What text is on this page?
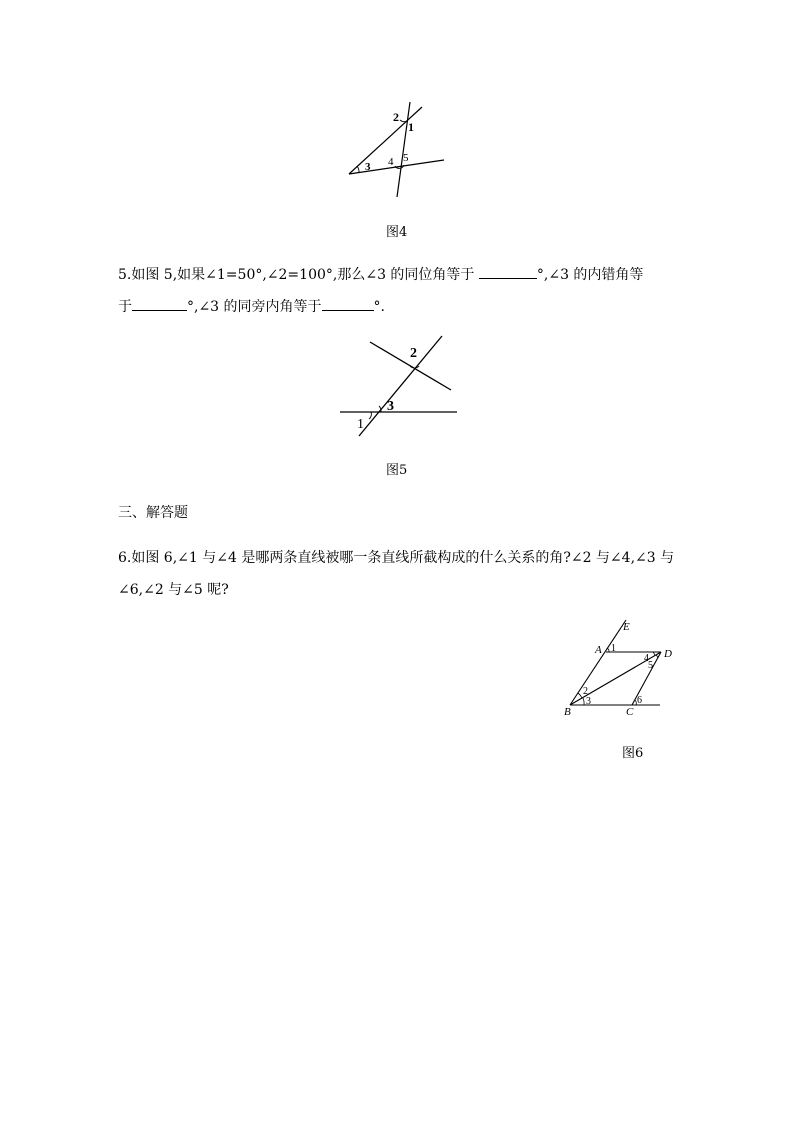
2
1
3 4 5
图4
5.如图 5,如果∠1=50°,∠2=100°,那么∠3 的同位角等于	°,∠3 的内错角等
于	°,∠3 的同旁内角等于	°.
2
3
1
图5
三、解答题
6.如图 6,∠1 与∠4 是哪两条直线被哪一条直线所截构成的什么关系的角?∠2 与∠4,∠3 与
∠6,∠2 与∠5 呢?
E
A	D
B	C
1
4
5
2
3	6
图6
